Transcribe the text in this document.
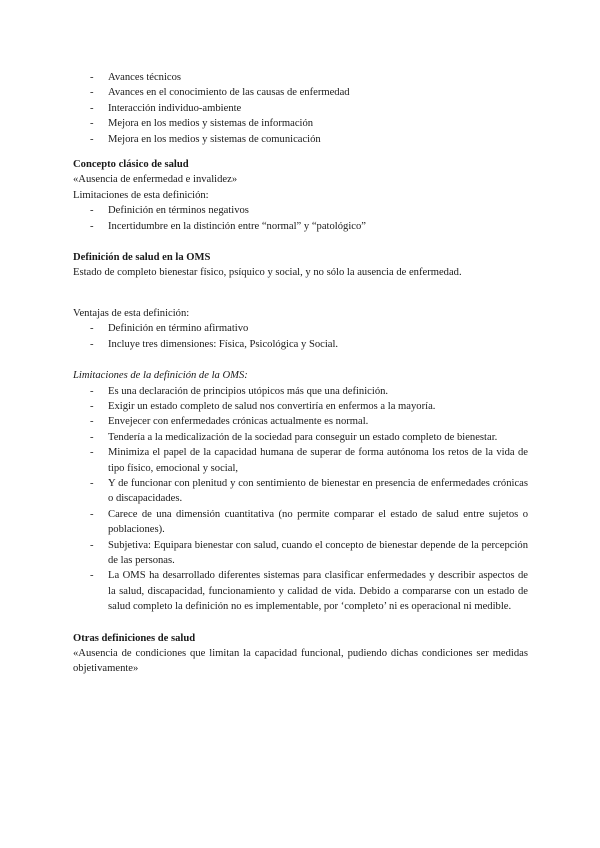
- Avances técnicos
- Avances en el conocimiento de las causas de enfermedad
- Interacción individuo-ambiente
- Mejora en los medios y sistemas de información
- Mejora en los medios y sistemas de comunicación

Concepto clásico de salud

«Ausencia de enfermedad e invalidez»

Limitaciones de esta definición:

- Definición en términos negativos
- Incertidumbre en la distinción entre “normal” y “patológico”

Definición de salud en la OMS

Estado de completo bienestar físico, psíquico y social, y no sólo la ausencia de enfermedad.

Ventajas de esta definición:

- Definición en término afirmativo
- Incluye tres dimensiones: Física, Psicológica y Social.

Limitaciones de la definición de la OMS:

- Es una declaración de principios utópicos más que una definición.
- Exigir un estado completo de salud nos convertiría en enfermos a la mayoría.
- Envejecer con enfermedades crónicas actualmente es normal.
- Tendería a la medicalización de la sociedad para conseguir un estado completo de bienestar.
- Minimiza el papel de la capacidad humana de superar de forma autónoma los retos de la vida de tipo físico, emocional y social,
- Y de funcionar con plenitud y con sentimiento de bienestar en presencia de enfermedades crónicas o discapacidades.
- Carece de una dimensión cuantitativa (no permite comparar el estado de salud entre sujetos o poblaciones).
- Subjetiva: Equipara bienestar con salud, cuando el concepto de bienestar depende de la percepción de las personas.
- La OMS ha desarrollado diferentes sistemas para clasificar enfermedades y describir aspectos de la salud, discapacidad, funcionamiento y calidad de vida. Debido a compararse con un estado de salud completo la definición no es implementable, por ‘completo’ ni es operacional ni medible.

Otras definiciones de salud

«Ausencia de condiciones que limitan la capacidad funcional, pudiendo dichas condiciones ser medidas objetivamente»
